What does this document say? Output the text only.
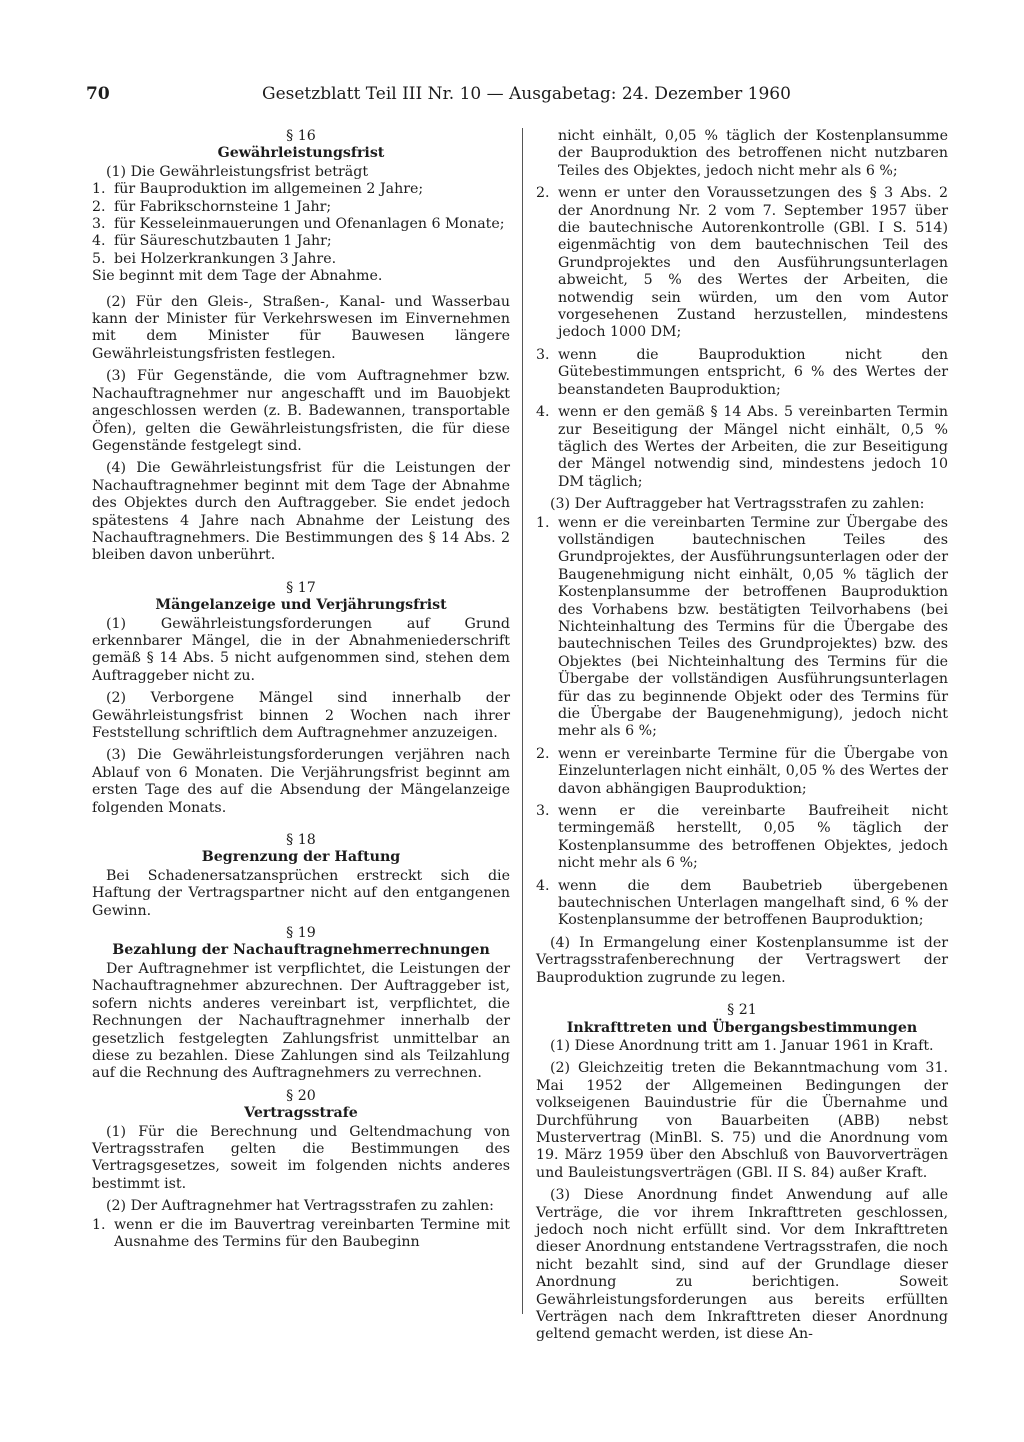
70	Gesetzblatt Teil III Nr. 10 — Ausgabetag: 24. Dezember 1960

§ 16

Gewährleistungsfrist

(1) Die Gewährleistungsfrist beträgt

1. für Bauproduktion im allgemeinen 2 Jahre;
2. für Fabrikschornsteine 1 Jahr;
3. für Kesseleinmauerungen und Ofenanlagen 6 Monate;
4. für Säureschutzbauten 1 Jahr;
5. bei Holzerkrankungen 3 Jahre.

Sie beginnt mit dem Tage der Abnahme.

(2) Für den Gleis-, Straßen-, Kanal- und Wasserbau kann der Minister für Verkehrswesen im Einvernehmen mit dem Minister für Bauwesen längere Gewährleistungsfristen festlegen.

(3) Für Gegenstände, die vom Auftragnehmer bzw. Nachauftragnehmer nur angeschafft und im Bauobjekt angeschlossen werden (z. B. Badewannen, transportable Öfen), gelten die Gewährleistungsfristen, die für diese Gegenstände festgelegt sind.

(4) Die Gewährleistungsfrist für die Leistungen der Nachauftragnehmer beginnt mit dem Tage der Abnahme des Objektes durch den Auftraggeber. Sie endet jedoch spätestens 4 Jahre nach Abnahme der Leistung des Nachauftragnehmers. Die Bestimmungen des § 14 Abs. 2 bleiben davon unberührt.

§ 17

Mängelanzeige und Verjährungsfrist

(1) Gewährleistungsforderungen auf Grund erkennbarer Mängel, die in der Abnahmeniederschrift gemäß § 14 Abs. 5 nicht aufgenommen sind, stehen dem Auftraggeber nicht zu.

(2) Verborgene Mängel sind innerhalb der Gewährleistungsfrist binnen 2 Wochen nach ihrer Feststellung schriftlich dem Auftragnehmer anzuzeigen.

(3) Die Gewährleistungsforderungen verjähren nach Ablauf von 6 Monaten. Die Verjährungsfrist beginnt am ersten Tage des auf die Absendung der Mängelanzeige folgenden Monats.

§ 18

Begrenzung der Haftung

Bei Schadenersatzansprüchen erstreckt sich die Haftung der Vertragspartner nicht auf den entgangenen Gewinn.

§ 19

Bezahlung der Nachauftragnehmerrechnungen

Der Auftragnehmer ist verpflichtet, die Leistungen der Nachauftragnehmer abzurechnen. Der Auftraggeber ist, sofern nichts anderes vereinbart ist, verpflichtet, die Rechnungen der Nachauftragnehmer innerhalb der gesetzlich festgelegten Zahlungsfrist unmittelbar an diese zu bezahlen. Diese Zahlungen sind als Teilzahlung auf die Rechnung des Auftragnehmers zu verrechnen.

§ 20

Vertragsstrafe

(1) Für die Berechnung und Geltendmachung von Vertragsstrafen gelten die Bestimmungen des Vertragsgesetzes, soweit im folgenden nichts anderes bestimmt ist.

(2) Der Auftragnehmer hat Vertragsstrafen zu zahlen:

1. wenn er die im Bauvertrag vereinbarten Termine mit Ausnahme des Termins für den Baubeginn
nicht einhält, 0,05 % täglich der Kostenplansumme der Bauproduktion des betroffenen nicht nutzbaren Teiles des Objektes, jedoch nicht mehr als 6 %;
2. wenn er unter den Voraussetzungen des § 3 Abs. 2 der Anordnung Nr. 2 vom 7. September 1957 über die bautechnische Autorenkontrolle (GBl. I S. 514) eigenmächtig von dem bautechnischen Teil des Grundprojektes und den Ausführungsunterlagen abweicht, 5 % des Wertes der Arbeiten, die notwendig sein würden, um den vom Autor vorgesehenen Zustand herzustellen, mindestens jedoch 1000 DM;
3. wenn die Bauproduktion nicht den Gütebestimmungen entspricht, 6 % des Wertes der beanstandeten Bauproduktion;
4. wenn er den gemäß § 14 Abs. 5 vereinbarten Termin zur Beseitigung der Mängel nicht einhält, 0,5 % täglich des Wertes der Arbeiten, die zur Beseitigung der Mängel notwendig sind, mindestens jedoch 10 DM täglich;

(3) Der Auftraggeber hat Vertragsstrafen zu zahlen:

1. wenn er die vereinbarten Termine zur Übergabe des vollständigen bautechnischen Teiles des Grundprojektes, der Ausführungsunterlagen oder der Baugenehmigung nicht einhält, 0,05 % täglich der Kostenplansumme der betroffenen Bauproduktion des Vorhabens bzw. bestätigten Teilvorhabens (bei Nichteinhaltung des Termins für die Übergabe des bautechnischen Teiles des Grundprojektes) bzw. des Objektes (bei Nichteinhaltung des Termins für die Übergabe der vollständigen Ausführungsunterlagen für das zu beginnende Objekt oder des Termins für die Übergabe der Baugenehmigung), jedoch nicht mehr als 6 %;
2. wenn er vereinbarte Termine für die Übergabe von Einzelunterlagen nicht einhält, 0,05 % des Wertes der davon abhängigen Bauproduktion;
3. wenn er die vereinbarte Baufreiheit nicht termingemäß herstellt, 0,05 % täglich der Kostenplansumme des betroffenen Objektes, jedoch nicht mehr als 6 %;
4. wenn die dem Baubetrieb übergebenen bautechnischen Unterlagen mangelhaft sind, 6 % der Kostenplansumme der betroffenen Bauproduktion;

(4) In Ermangelung einer Kostenplansumme ist der Vertragsstrafenberechnung der Vertragswert der Bauproduktion zugrunde zu legen.

§ 21

Inkrafttreten und Übergangsbestimmungen

(1) Diese Anordnung tritt am 1. Januar 1961 in Kraft.

(2) Gleichzeitig treten die Bekanntmachung vom 31. Mai 1952 der Allgemeinen Bedingungen der volkseigenen Bauindustrie für die Übernahme und Durchführung von Bauarbeiten (ABB) nebst Mustervertrag (MinBl. S. 75) und die Anordnung vom 19. März 1959 über den Abschluß von Bauvorverträgen und Bauleistungsverträgen (GBl. II S. 84) außer Kraft.

(3) Diese Anordnung findet Anwendung auf alle Verträge, die vor ihrem Inkrafttreten geschlossen, jedoch noch nicht erfüllt sind. Vor dem Inkrafttreten dieser Anordnung entstandene Vertragsstrafen, die noch nicht bezahlt sind, sind auf der Grundlage dieser Anordnung zu berichtigen. Soweit Gewährleistungsforderungen aus bereits erfüllten Verträgen nach dem Inkrafttreten dieser Anordnung geltend gemacht werden, ist diese An-
